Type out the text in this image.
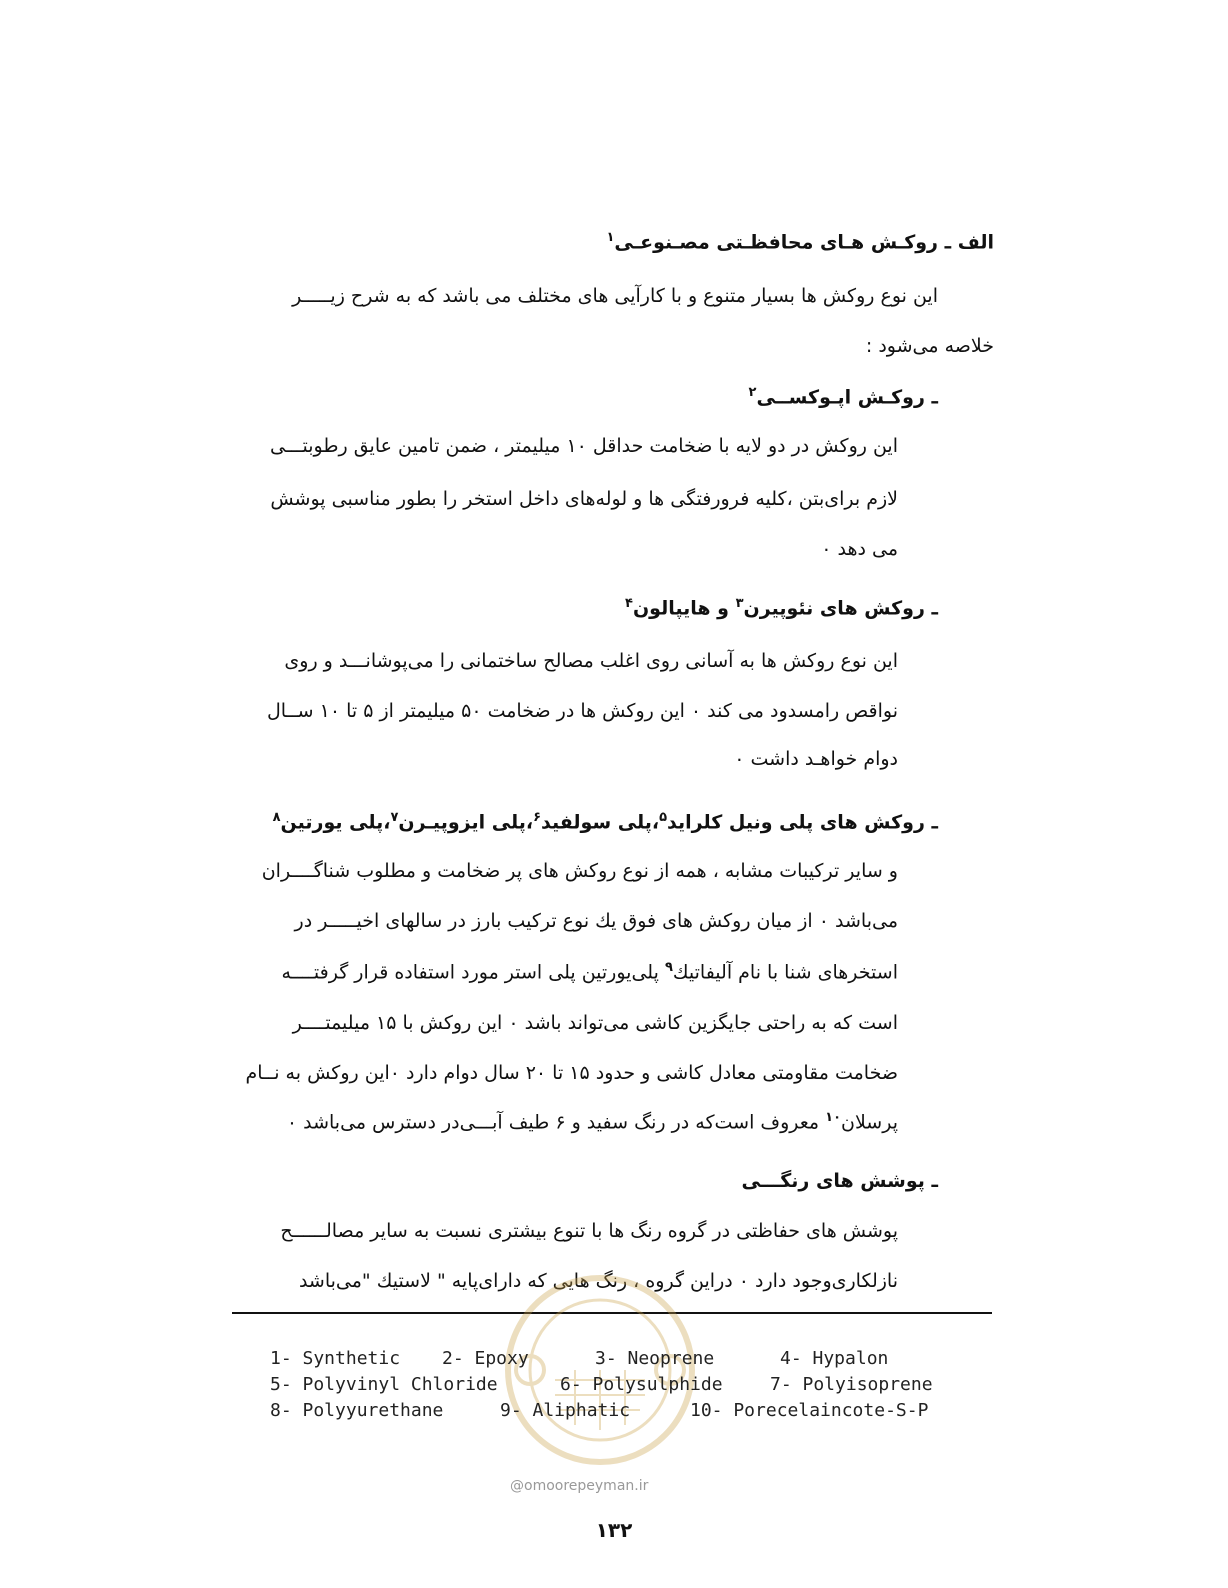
الف ـ روکـش هـای محافظـتی مصـنوعـی$^۱$
این نوع روکش ها بسیار متنوع و با کارآیی های مختلف می باشد که به شرح زیـــــر
خلاصه می‌شود :
ـ روکـش اپـوکســی$^۲$
این روکش در دو لایه با ضخامت حداقل ۱۰ میلیمتر ، ضمن تامین عایق رطوبتـــی
لازم برای‌بتن ،کلیه فرورفتگی ها و لوله‌های داخل استخر را بطور مناسبی پوشش
می دهد ۰
ـ روکش های نئوپیرن$^۳$ و هایپالون$^۴$
این نوع روکش ها به آسانی روی اغلب مصالح ساختمانی را می‌پوشانـــد و روی
نواقص رامسدود می کند ۰ این روکش ها در ضخامت ۵۰ میلیمتر از ۵ تا ۱۰ ســال
دوام خواهـد داشت ۰
ـ روکش های پلی ونیل کلراید$^۵$،پلی سولفید$^۶$،پلی ایزوپیـرن$^۷$،پلی یورتین$^۸$
و سایر ترکیبات مشابه ، همه از نوع روکش های پر ضخامت و مطلوب شناگــــران
می‌باشد ۰ از میان روکش های فوق یك نوع ترکیب بارز در سالهای اخیـــــر در
استخرهای شنا با نام آلیفاتیك$^۹$ پلی‌یورتین پلی استر مورد استفاده قرار گرفتــــه
است که به راحتی جایگزین کاشی می‌تواند باشد ۰ این روکش با ۱۵ میلیمتــــر
ضخامت مقاومتی معادل کاشی و حدود ۱۵ تا ۲۰ سال دوام دارد ۰این روکش به نــام
پرسلان$^{۱۰}$ معروف است‌که در رنگ سفید و ۶ طیف آبـــی‌در دسترس می‌باشد ۰
ـ پوشش های رنگـــی
پوشش های حفاظتی در گروه رنگ ها با تنوع بیشتری نسبت به سایر مصالــــــح
نازلکاری‌وجود دارد ۰ دراین گروه ، رنگ هایی که دارای‌پایه " لاستیك "می‌باشد
@omoorepeyman.ir
1- Synthetic 2- Epoxy	3- Neoprene	4- Hypalon
5- Polyvinyl Chloride	6- Polysulphide	7- Polyisoprene
8- Polyyurethane	9- Aliphatic	10- Porecelaincote-S-P
۱۳۲
